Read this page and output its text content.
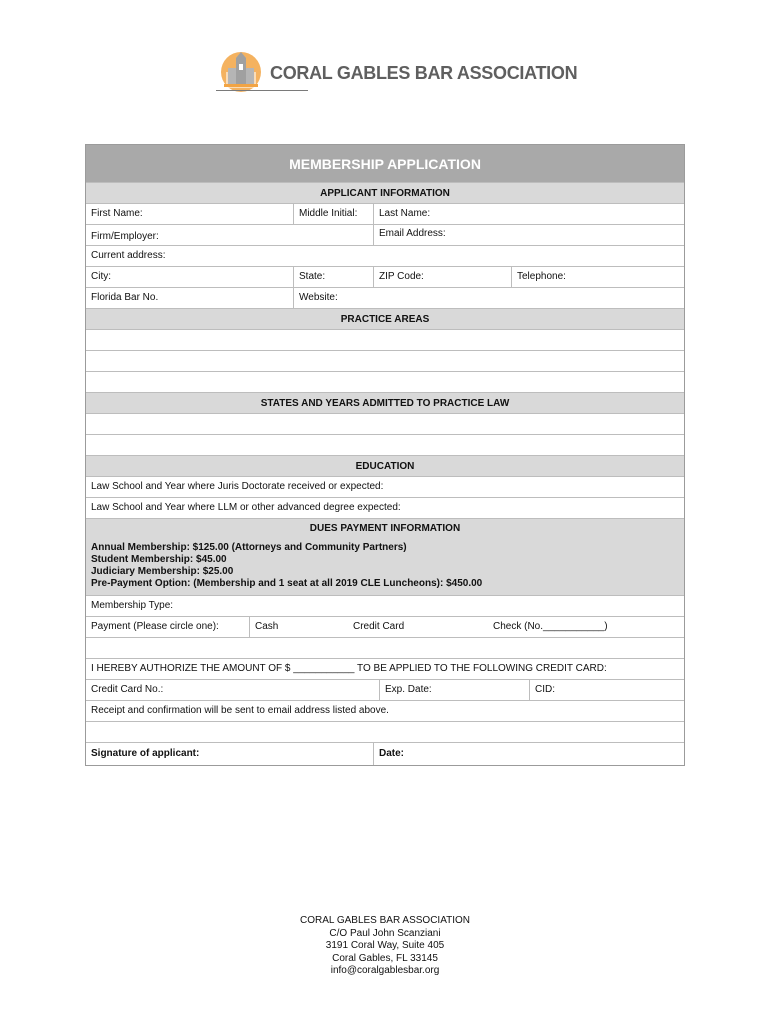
CORAL GABLES BAR ASSOCIATION
MEMBERSHIP APPLICATION
APPLICANT INFORMATION
First Name:	Middle Initial:	Last Name:
Firm/Employer:	Email Address:
Current address:
City:	State:	ZIP Code:	Telephone:
Florida Bar No.	Website:
PRACTICE AREAS
STATES AND YEARS ADMITTED TO PRACTICE LAW
EDUCATION
Law School and Year where Juris Doctorate received or expected:
Law School and Year where LLM or other advanced degree expected:
DUES PAYMENT INFORMATION
Annual Membership: $125.00 (Attorneys and Community Partners)
Student Membership: $45.00
Judiciary Membership: $25.00
Pre-Payment Option: (Membership and 1 seat at all 2019 CLE Luncheons): $450.00
Membership Type:
Payment (Please circle one):	Cash	Credit Card	Check (No.___________)
I HEREBY AUTHORIZE THE AMOUNT OF $ ___________ TO BE APPLIED TO THE FOLLOWING CREDIT CARD:
Credit Card No.:	Exp. Date:	CID:
Receipt and confirmation will be sent to email address listed above.
Signature of applicant:	Date:
CORAL GABLES BAR ASSOCIATION
C/O Paul John Scanziani
3191 Coral Way, Suite 405
Coral Gables, FL 33145
info@coralgablesbar.org
